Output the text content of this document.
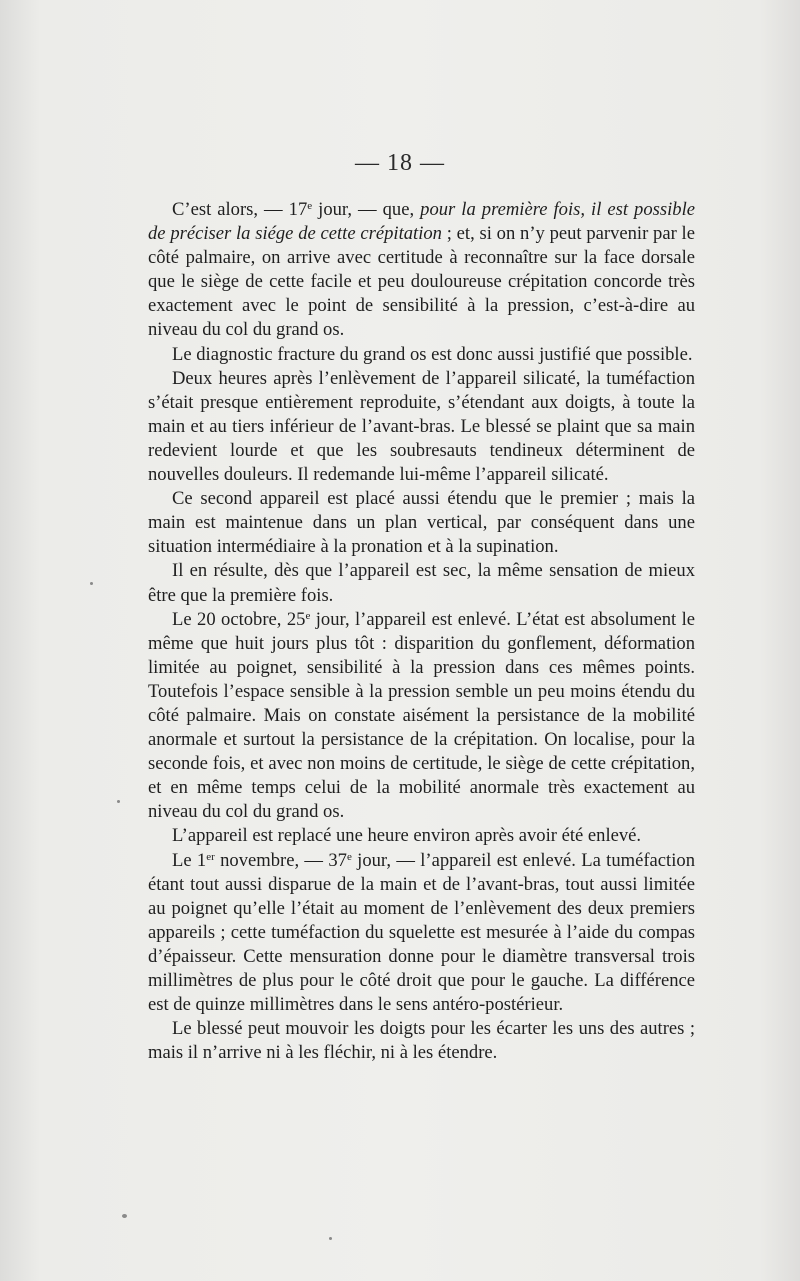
— 18 —

C’est alors, — 17e jour, — que, pour la première fois, il est possible de préciser la siége de cette crépitation ; et, si on n’y peut parvenir par le côté palmaire, on arrive avec certitude à reconnaître sur la face dorsale que le siège de cette facile et peu douloureuse crépitation concorde très exactement avec le point de sensibilité à la pression, c’est-à-dire au niveau du col du grand os.

Le diagnostic fracture du grand os est donc aussi justifié que possible.

Deux heures après l’enlèvement de l’appareil silicaté, la tuméfaction s’était presque entièrement reproduite, s’étendant aux doigts, à toute la main et au tiers inférieur de l’avant-bras. Le blessé se plaint que sa main redevient lourde et que les soubresauts tendineux déterminent de nouvelles douleurs. Il redemande lui-même l’appareil silicaté.

Ce second appareil est placé aussi étendu que le premier ; mais la main est maintenue dans un plan vertical, par conséquent dans une situation intermédiaire à la pronation et à la supination.

Il en résulte, dès que l’appareil est sec, la même sensation de mieux être que la première fois.

Le 20 octobre, 25e jour, l’appareil est enlevé. L’état est absolument le même que huit jours plus tôt : disparition du gonflement, déformation limitée au poignet, sensibilité à la pression dans ces mêmes points. Toutefois l’espace sensible à la pression semble un peu moins étendu du côté palmaire. Mais on constate aisément la persistance de la mobilité anormale et surtout la persistance de la crépitation. On localise, pour la seconde fois, et avec non moins de certitude, le siège de cette crépitation, et en même temps celui de la mobilité anormale très exactement au niveau du col du grand os.

L’appareil est replacé une heure environ après avoir été enlevé.

Le 1er novembre, — 37e jour, — l’appareil est enlevé. La tuméfaction étant tout aussi disparue de la main et de l’avant-bras, tout aussi limitée au poignet qu’elle l’était au moment de l’enlèvement des deux premiers appareils ; cette tuméfaction du squelette est mesurée à l’aide du compas d’épaisseur. Cette mensuration donne pour le diamètre transversal trois millimètres de plus pour le côté droit que pour le gauche. La différence est de quinze millimètres dans le sens antéro-postérieur.

Le blessé peut mouvoir les doigts pour les écarter les uns des autres ; mais il n’arrive ni à les fléchir, ni à les étendre.
